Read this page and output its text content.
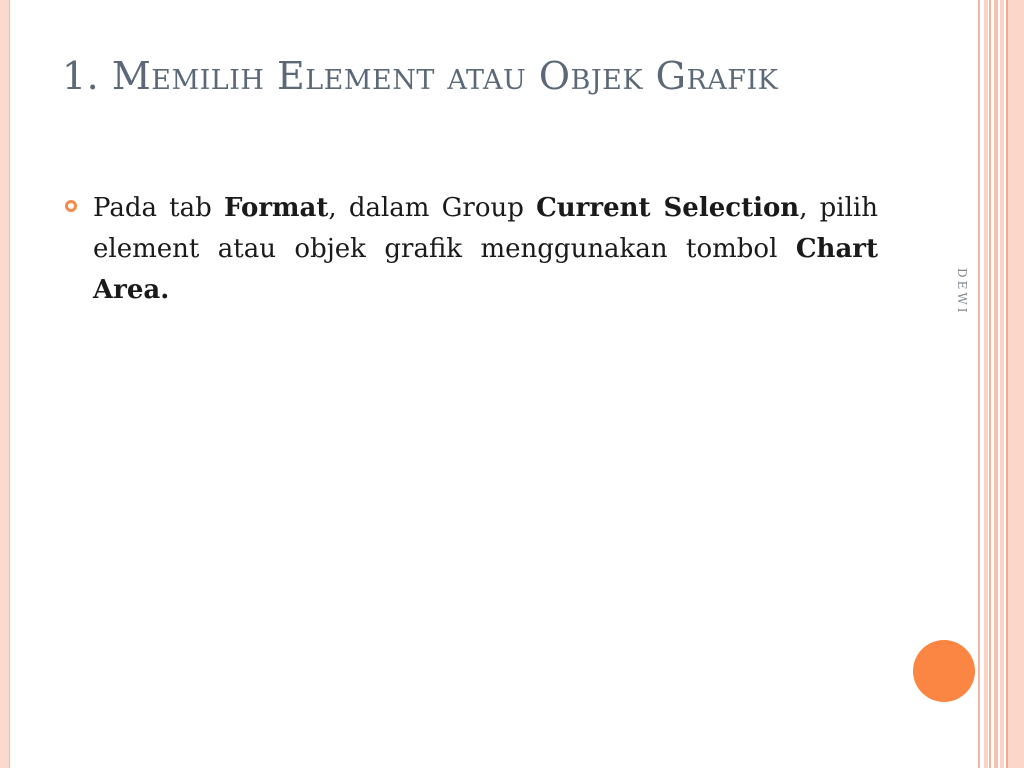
1. Memilih Element atau Objek Grafik
Pada tab Format, dalam Group Current Selection, pilih element atau objek grafik menggunakan tombol Chart Area.	DEWI
